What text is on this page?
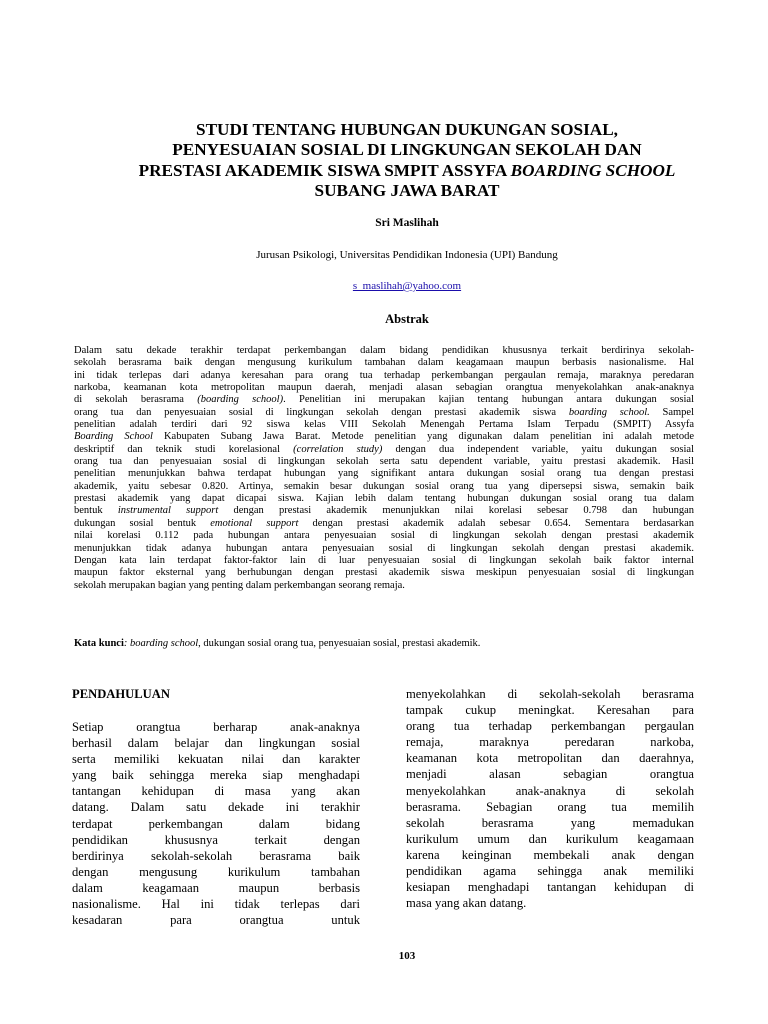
STUDI TENTANG HUBUNGAN DUKUNGAN SOSIAL,
PENYESUAIAN SOSIAL DI LINGKUNGAN SEKOLAH DAN
PRESTASI AKADEMIK SISWA SMPIT ASSYFA BOARDING SCHOOL
SUBANG JAWA BARAT

Sri Maslihah

Jurusan Psikologi, Universitas Pendidikan Indonesia (UPI) Bandung

s_maslihah@yahoo.com

Abstrak
Dalam satu dekade terakhir terdapat perkembangan dalam bidang pendidikan khususnya terkait berdirinya sekolah-
sekolah berasrama baik dengan mengusung kurikulum tambahan dalam keagamaan maupun berbasis nasionalisme. Hal
ini tidak terlepas dari adanya keresahan para orang tua terhadap perkembangan pergaulan remaja, maraknya peredaran
narkoba, keamanan kota metropolitan maupun daerah, menjadi alasan sebagian orangtua menyekolahkan anak-anaknya
di sekolah berasrama (boarding school). Penelitian ini merupakan kajian tentang hubungan antara dukungan sosial
orang tua dan penyesuaian sosial di lingkungan sekolah dengan prestasi akademik siswa boarding school. Sampel
penelitian adalah terdiri dari 92 siswa kelas VIII Sekolah Menengah Pertama Islam Terpadu (SMPIT) Assyfa
Boarding School Kabupaten Subang Jawa Barat. Metode penelitian yang digunakan dalam penelitian ini adalah metode
deskriptif dan teknik studi korelasional (correlation study) dengan dua independent variable, yaitu dukungan sosial
orang tua dan penyesuaian sosial di lingkungan sekolah serta satu dependent variable, yaitu prestasi akademik. Hasil
penelitian menunjukkan bahwa terdapat hubungan yang signifikant antara dukungan sosial orang tua dengan prestasi
akademik, yaitu sebesar 0.820. Artinya, semakin besar dukungan sosial orang tua yang dipersepsi siswa, semakin baik
prestasi akademik yang dapat dicapai siswa. Kajian lebih dalam tentang hubungan dukungan sosial orang tua dalam
bentuk instrumental support dengan prestasi akademik menunjukkan nilai korelasi sebesar 0.798 dan hubungan
dukungan sosial bentuk emotional support dengan prestasi akademik adalah sebesar 0.654. Sementara berdasarkan
nilai korelasi 0.112 pada hubungan antara penyesuaian sosial di lingkungan sekolah dengan prestasi akademik
menunjukkan tidak adanya hubungan antara penyesuaian sosial di lingkungan sekolah dengan prestasi akademik.
Dengan kata lain terdapat faktor-faktor lain di luar penyesuaian sosial di lingkungan sekolah baik faktor internal
maupun faktor eksternal yang berhubungan dengan prestasi akademik siswa meskipun penyesuaian sosial di lingkungan
sekolah merupakan bagian yang penting dalam perkembangan seorang remaja.

Kata kunci: boarding school, dukungan sosial orang tua, penyesuaian sosial, prestasi akademik.

PENDAHULUAN
Setiap orangtua berharap anak-anaknya
berhasil dalam belajar dan lingkungan sosial
serta memiliki kekuatan nilai dan karakter
yang baik sehingga mereka siap menghadapi
tantangan kehidupan di masa yang akan
datang. Dalam satu dekade ini terakhir
terdapat perkembangan dalam bidang
pendidikan khususnya terkait dengan
berdirinya sekolah-sekolah berasrama baik
dengan mengusung kurikulum tambahan
dalam keagamaan maupun berbasis
nasionalisme. Hal ini tidak terlepas dari
kesadaran para orangtua untuk
menyekolahkan di sekolah-sekolah berasrama
tampak cukup meningkat. Keresahan para
orang tua terhadap perkembangan pergaulan
remaja, maraknya peredaran narkoba,
keamanan kota metropolitan dan daerahnya,
menjadi alasan sebagian orangtua
menyekolahkan anak-anaknya di sekolah
berasrama. Sebagian orang tua memilih
sekolah berasrama yang memadukan
kurikulum umum dan kurikulum keagamaan
karena keinginan membekali anak dengan
pendidikan agama sehingga anak memiliki
kesiapan menghadapi tantangan kehidupan di
masa yang akan datang.

103
